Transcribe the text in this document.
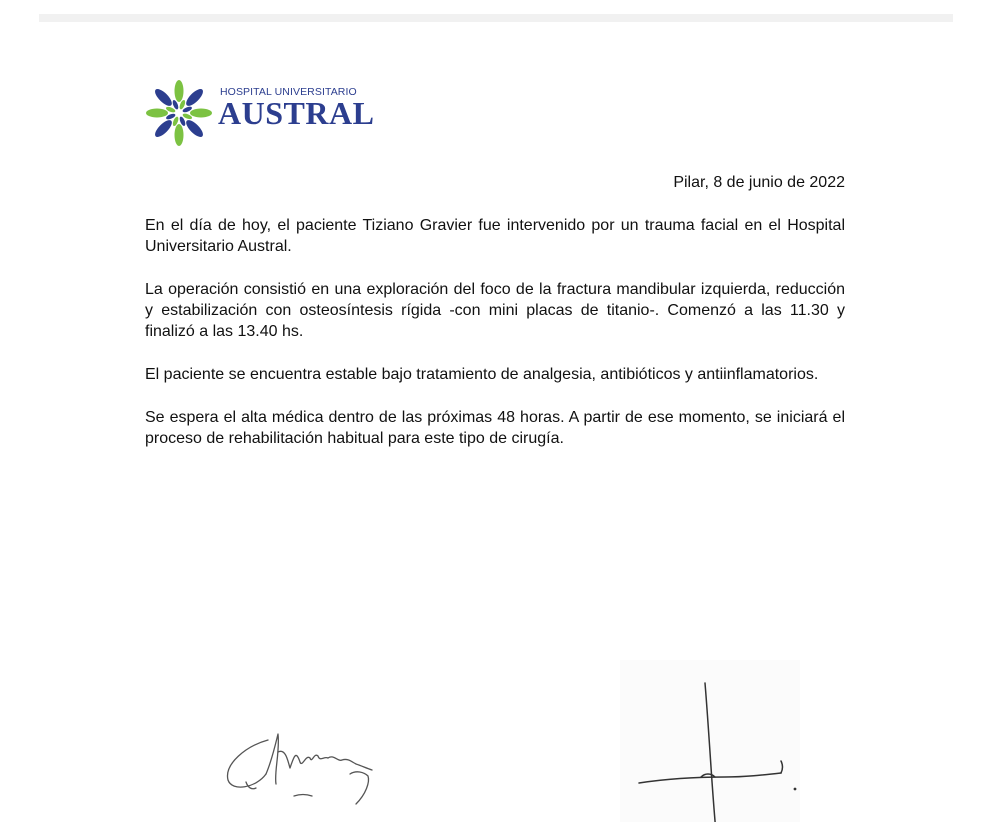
HOSPITAL UNIVERSITARIO
AUSTRAL
Pilar, 8 de junio de 2022

En el día de hoy, el paciente Tiziano Gravier fue intervenido por un trauma facial en el Hospital Universitario Austral.

La operación consistió en una exploración del foco de la fractura mandibular izquierda, reducción y estabilización con osteosíntesis rígida -con mini placas de titanio-. Comenzó a las 11.30 y finalizó a las 13.40 hs.

El paciente se encuentra estable bajo tratamiento de analgesia, antibióticos y antiinflamatorios.

Se espera el alta médica dentro de las próximas 48 horas. A partir de ese momento, se iniciará el proceso de rehabilitación habitual para este tipo de cirugía.
